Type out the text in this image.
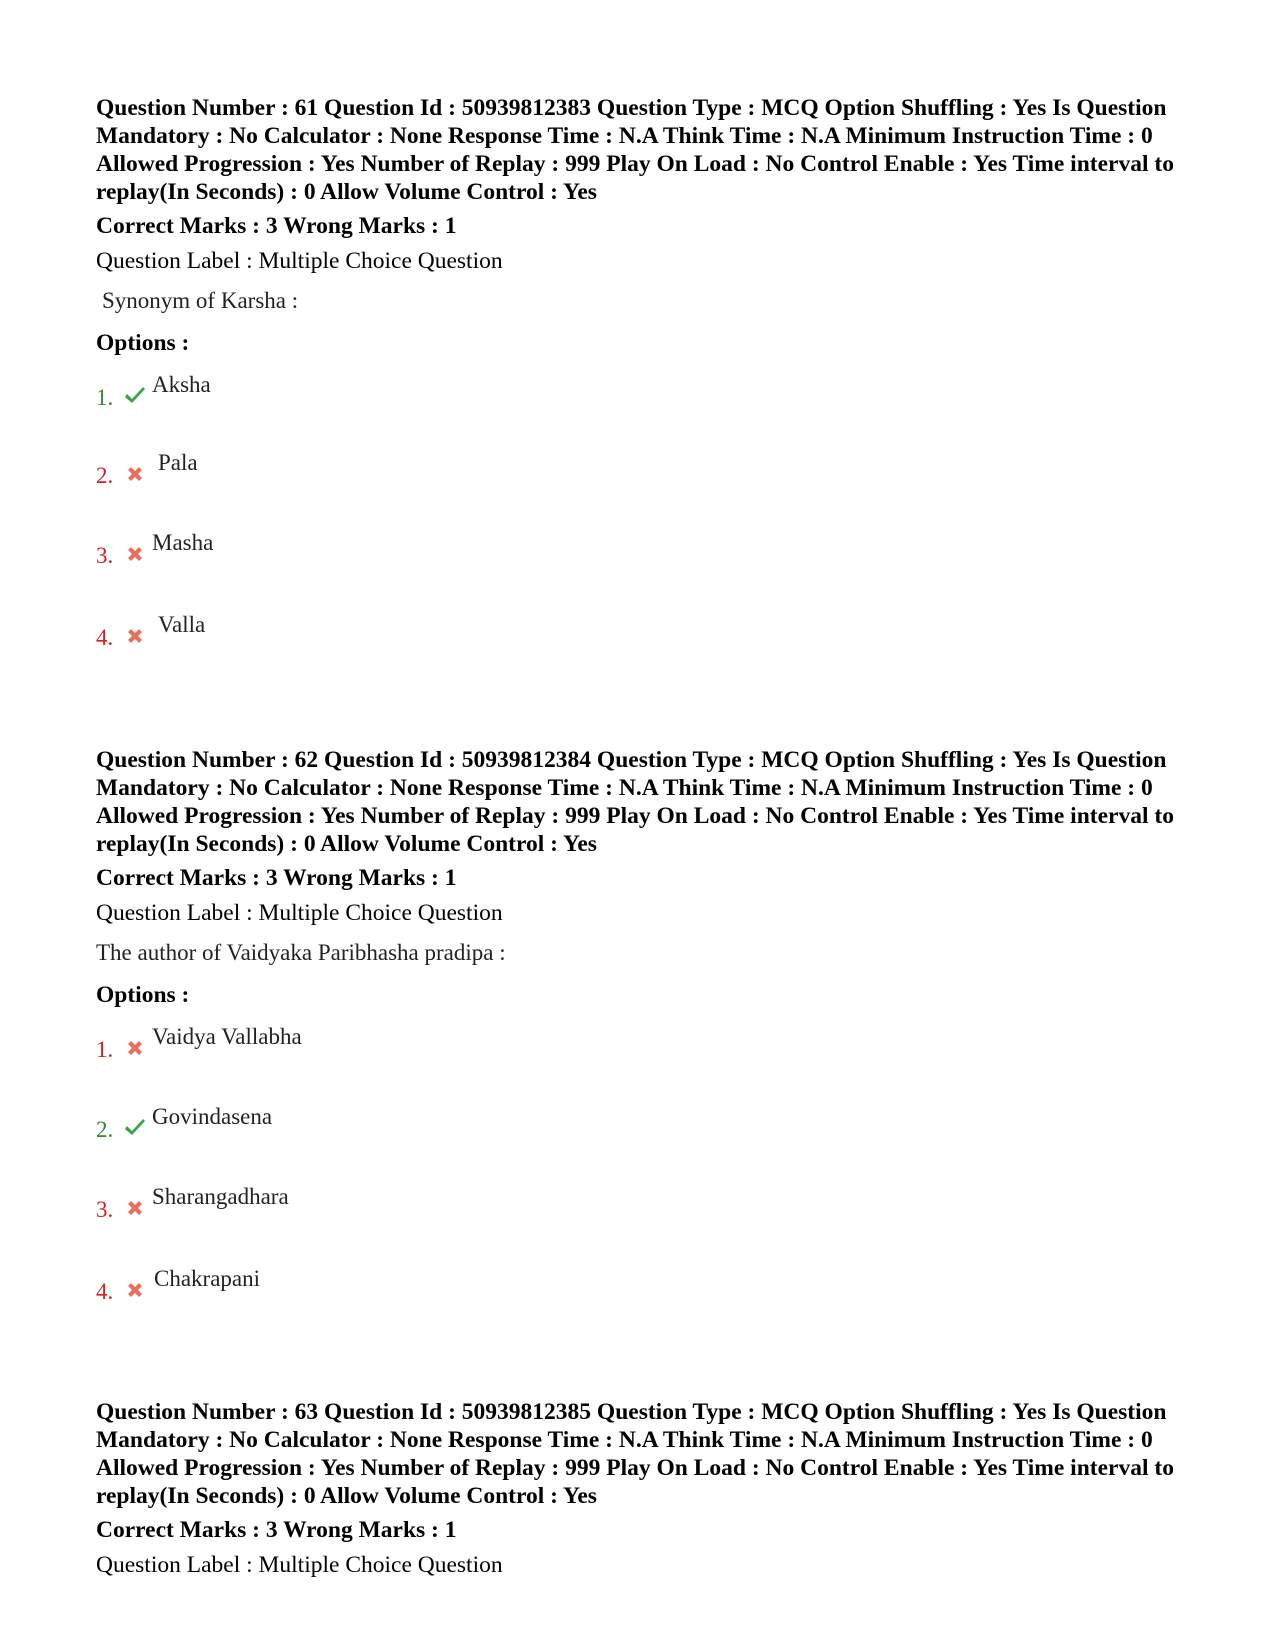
Question Number : 61 Question Id : 50939812383 Question Type : MCQ Option Shuffling : Yes Is Question Mandatory : No Calculator : None Response Time : N.A Think Time : N.A Minimum Instruction Time : 0 Allowed Progression : Yes Number of Replay : 999 Play On Load : No Control Enable : Yes Time interval to replay(In Seconds) : 0 Allow Volume Control : Yes

Correct Marks : 3 Wrong Marks : 1
Question Label : Multiple Choice Question
Synonym of Karsha :
Options :
1.
Aksha
2.
Pala
3.
Masha
4.
Valla

Question Number : 62 Question Id : 50939812384 Question Type : MCQ Option Shuffling : Yes Is Question Mandatory : No Calculator : None Response Time : N.A Think Time : N.A Minimum Instruction Time : 0 Allowed Progression : Yes Number of Replay : 999 Play On Load : No Control Enable : Yes Time interval to replay(In Seconds) : 0 Allow Volume Control : Yes

Correct Marks : 3 Wrong Marks : 1
Question Label : Multiple Choice Question
The author of Vaidyaka Paribhasha pradipa :
Options :
1.
Vaidya Vallabha
2.
Govindasena
3.
Sharangadhara
4.
Chakrapani

Question Number : 63 Question Id : 50939812385 Question Type : MCQ Option Shuffling : Yes Is Question Mandatory : No Calculator : None Response Time : N.A Think Time : N.A Minimum Instruction Time : 0 Allowed Progression : Yes Number of Replay : 999 Play On Load : No Control Enable : Yes Time interval to replay(In Seconds) : 0 Allow Volume Control : Yes

Correct Marks : 3 Wrong Marks : 1
Question Label : Multiple Choice Question
